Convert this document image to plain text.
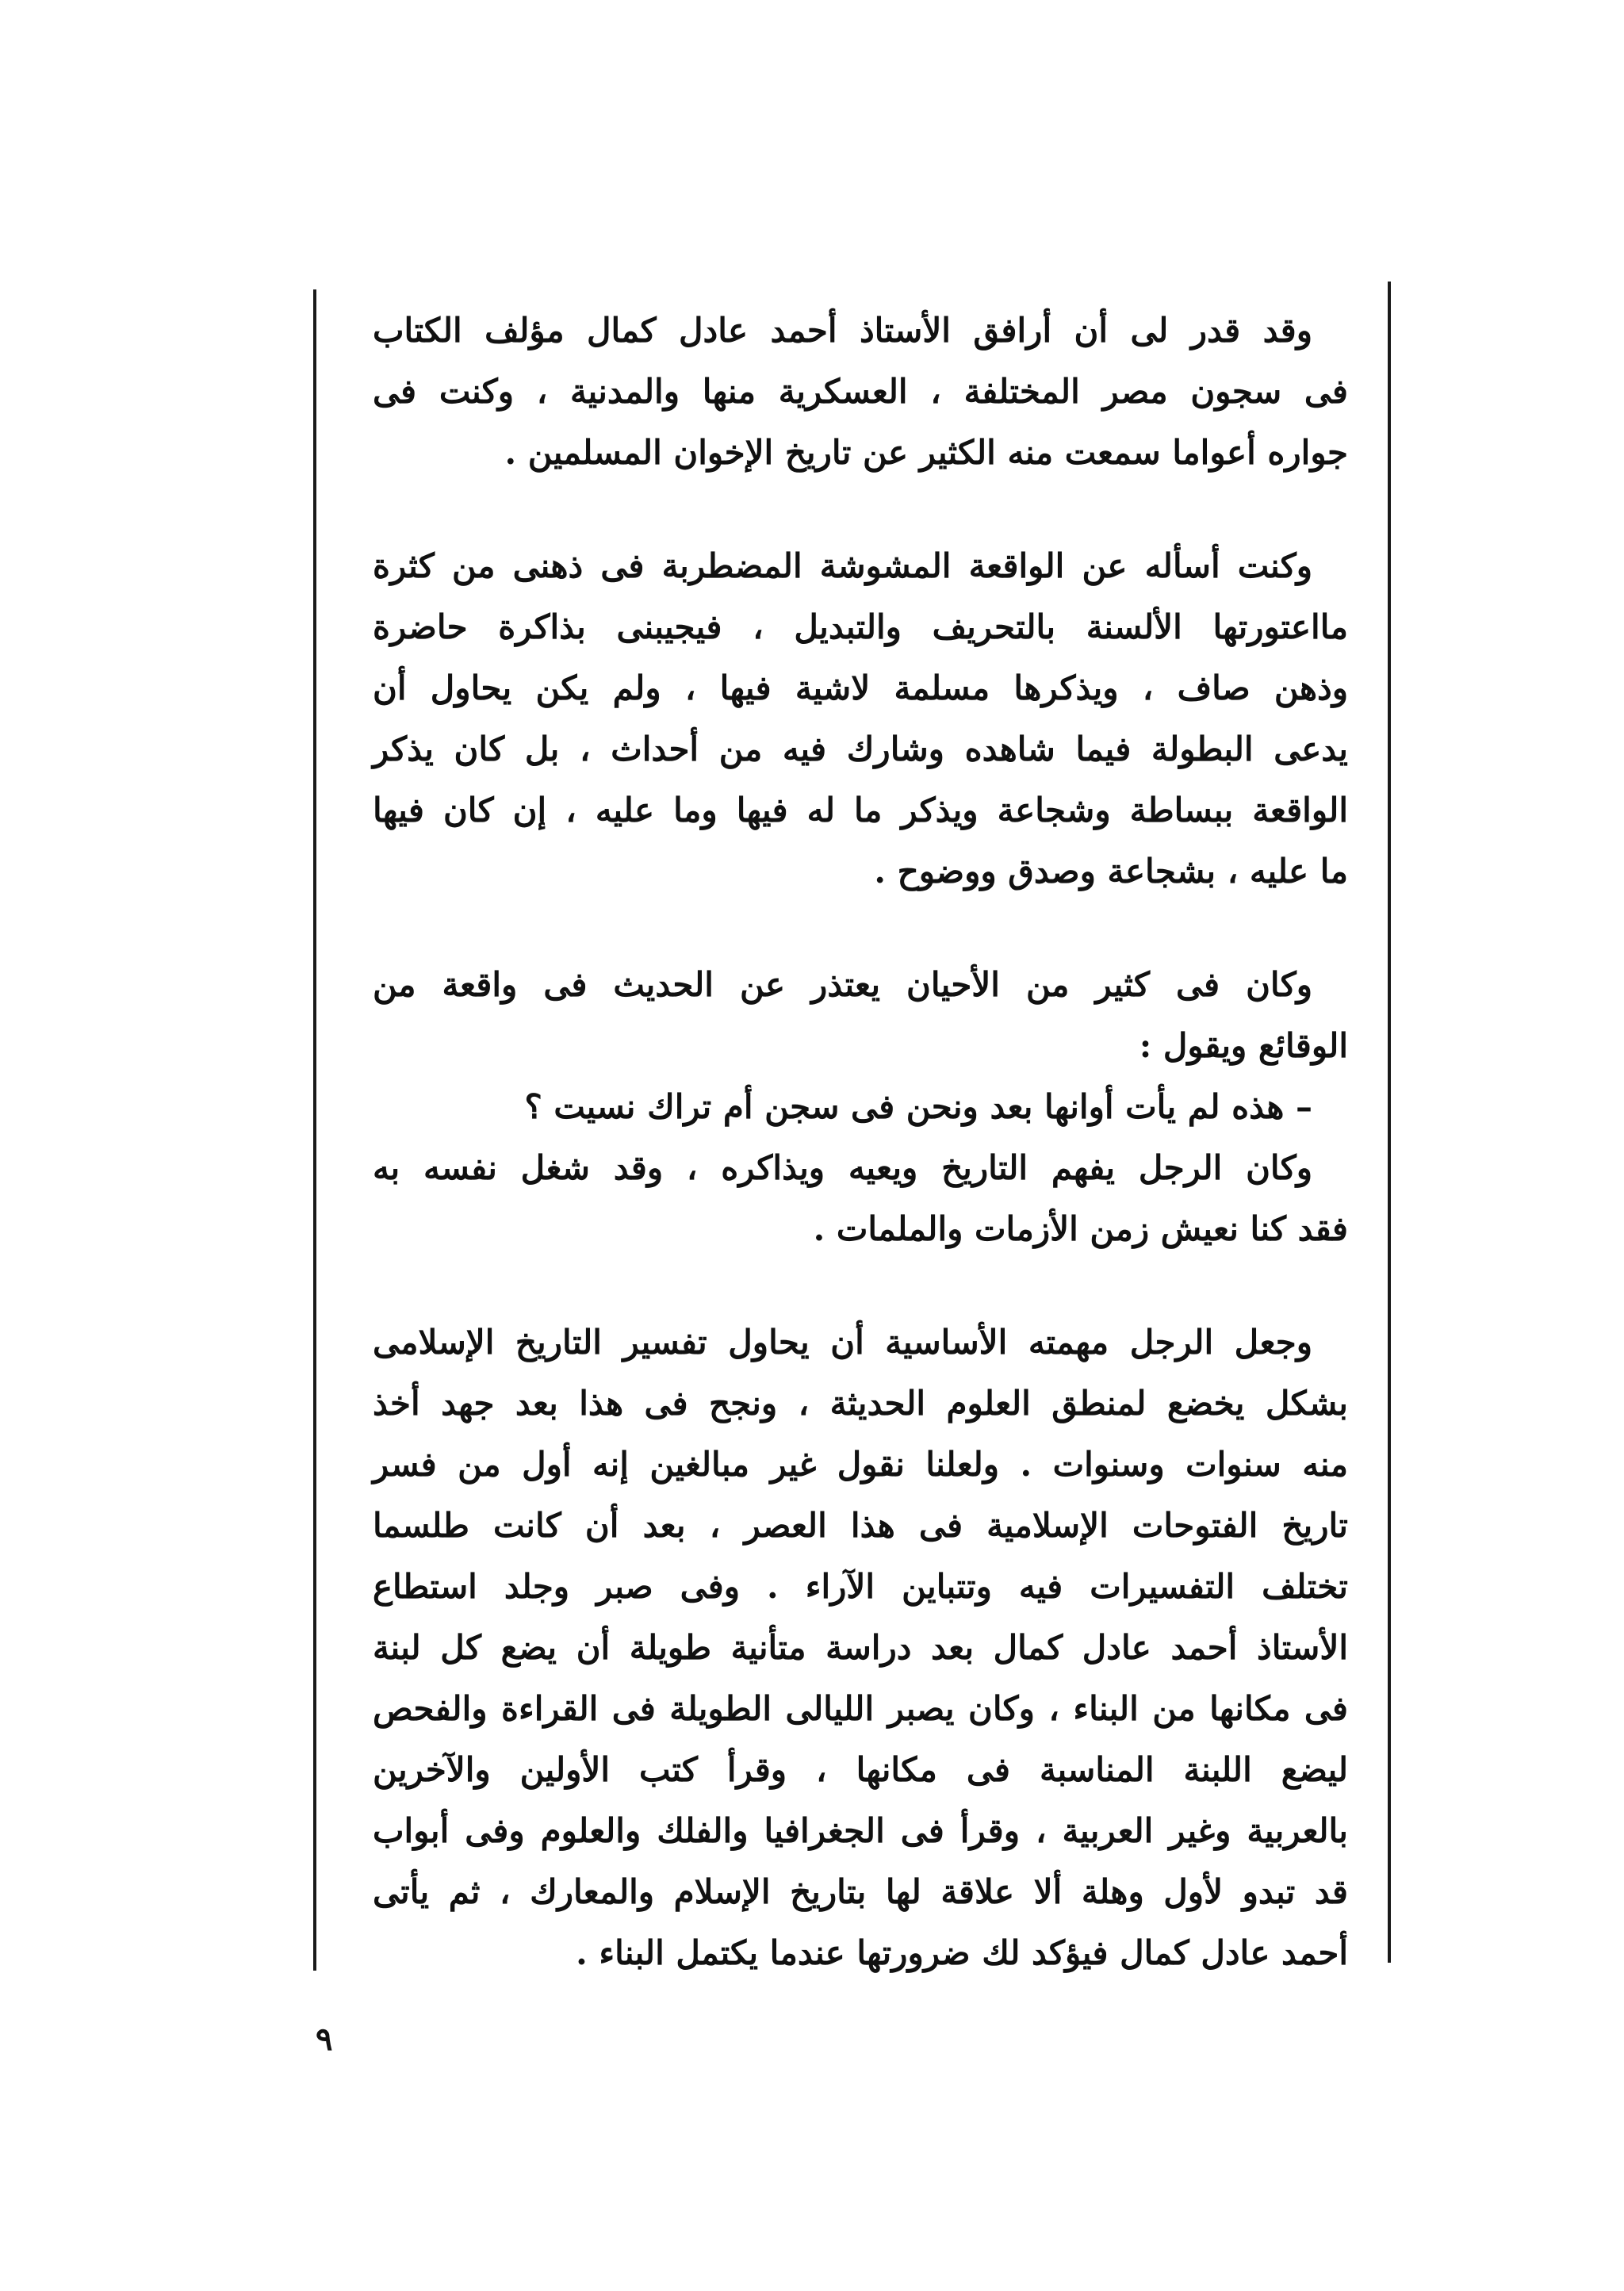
وقد قدر لى أن أرافق الأستاذ أحمد عادل كمال مؤلف الكتاب
فى سجون مصر المختلفة ، العسكرية منها والمدنية ، وكنت فى
جواره أعواما سمعت منه الكثير عن تاريخ الإخوان المسلمين .

وكنت أسأله عن الواقعة المشوشة المضطربة فى ذهنى من كثرة
مااعتورتها الألسنة بالتحريف والتبديل ، فيجيبنى بذاكرة حاضرة
وذهن صاف ، ويذكرها مسلمة لاشية فيها ، ولم يكن يحاول أن
يدعى البطولة فيما شاهده وشارك فيه من أحداث ، بل كان يذكر
الواقعة ببساطة وشجاعة ويذكر ما له فيها وما عليه ، إن كان فيها
ما عليه ، بشجاعة وصدق ووضوح .

وكان فى كثير من الأحيان يعتذر عن الحديث فى واقعة من
الوقائع ويقول :
– هذه لم يأت أوانها بعد ونحن فى سجن أم تراك نسيت ؟
وكان الرجل يفهم التاريخ ويعيه ويذاكره ، وقد شغل نفسه به
فقد كنا نعيش زمن الأزمات والملمات .

وجعل الرجل مهمته الأساسية أن يحاول تفسير التاريخ الإسلامى
بشكل يخضع لمنطق العلوم الحديثة ، ونجح فى هذا بعد جهد أخذ
منه سنوات وسنوات . ولعلنا نقول غير مبالغين إنه أول من فسر
تاريخ الفتوحات الإسلامية فى هذا العصر ، بعد أن كانت طلسما
تختلف التفسيرات فيه وتتباين الآراء . وفى صبر وجلد استطاع
الأستاذ أحمد عادل كمال بعد دراسة متأنية طويلة أن يضع كل لبنة
فى مكانها من البناء ، وكان يصبر الليالى الطويلة فى القراءة والفحص
ليضع اللبنة المناسبة فى مكانها ، وقرأ كتب الأولين والآخرين
بالعربية وغير العربية ، وقرأ فى الجغرافيا والفلك والعلوم وفى أبواب
قد تبدو لأول وهلة ألا علاقة لها بتاريخ الإسلام والمعارك ، ثم يأتى
أحمد عادل كمال فيؤكد لك ضرورتها عندما يكتمل البناء .

٩
